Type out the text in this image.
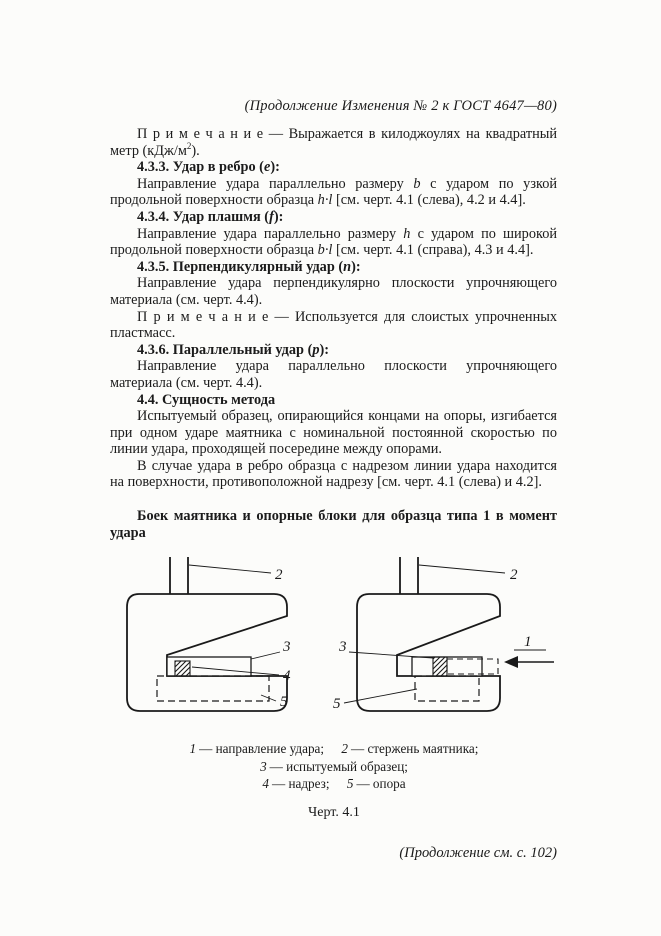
(Продолжение Изменения № 2 к ГОСТ 4647—80)

П р и м е ч а н и е — Выражается в килоджоулях на квадратный метр $(кДж/м^2)$.

4.3.3. Удар в ребро (е):

Направление удара параллельно размеру b с ударом по узкой продольной поверхности образца h·l [см. черт. 4.1 (слева), 4.2 и 4.4].

4.3.4. Удар плашмя (f):

Направление удара параллельно размеру h с ударом по широкой продольной поверхности образца b·l [см. черт. 4.1 (справа), 4.3 и 4.4].

4.3.5. Перпендикулярный удар (n):

Направление удара перпендикулярно плоскости упрочняющего материала (см. черт. 4.4).

П р и м е ч а н и е — Используется для слоистых упрочненных пластмасс.

4.3.6. Параллельный удар (р):

Направление удара параллельно плоскости упрочняющего материала (см. черт. 4.4).

4.4. Сущность метода

Испытуемый образец, опирающийся концами на опоры, изгибается при одном ударе маятника с номинальной постоянной скоростью по линии удара, проходящей посередине между опорами.

В случае удара в ребро образца с надрезом линии удара находится на поверхности, противоположной надрезу [см. черт. 4.1 (слева) и 4.2].

Боек маятника и опорные блоки для образца типа 1 в момент удара

2	2
3	3
4
5	5
1
1 — направление удара; 2 — стержень маятника; 3 — испытуемый образец;
4 — надрез; 5 — опора
Черт. 4.1
(Продолжение см. с. 102)
